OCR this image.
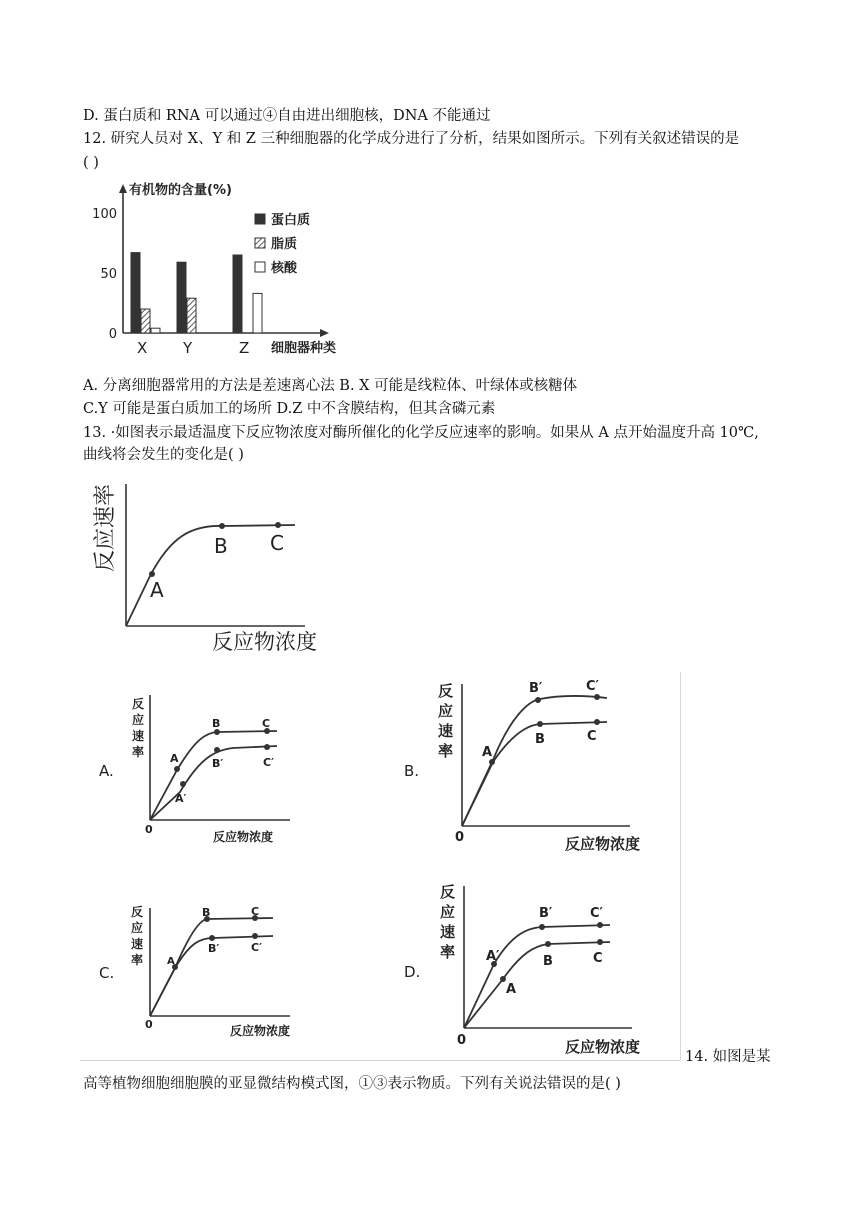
D. 蛋白质和 RNA 可以通过④自由进出细胞核，DNA 不能通过
12. 研究人员对 X、Y 和 Z 三种细胞器的化学成分进行了分析，结果如图所示。下列有关叙述错误的是
( )
有机物的含量(%)
0
50
100
X Y	Z 细胞器种类
蛋白质
脂质
核酸
A. 分离细胞器常用的方法是差速离心法 B. X 可能是线粒体、叶绿体或核糖体
C.Y 可能是蛋白质加工的场所 D.Z 中不含膜结构，但其含磷元素
13. ·如图表示最适温度下反应物浓度对酶所催化的化学反应速率的影响。如果从 A 点开始温度升高 10℃,
曲线将会发生的变化是( )
A
B C
反应速率
反应物浓度
A.
反应速率 A
B	C
A′
B′	C′
0
反应物浓度
B.
反应速率
B′	C′
A
B	C
0	反应物浓度
C.
反应速率
B	C
A
B′	C′
0	反应物浓度
D.
反应速率 A′
B′	C′
A
B	C
0	反应物浓度
14. 如图是某
高等植物细胞细胞膜的亚显微结构模式图，①③表示物质。下列有关说法错误的是( )
